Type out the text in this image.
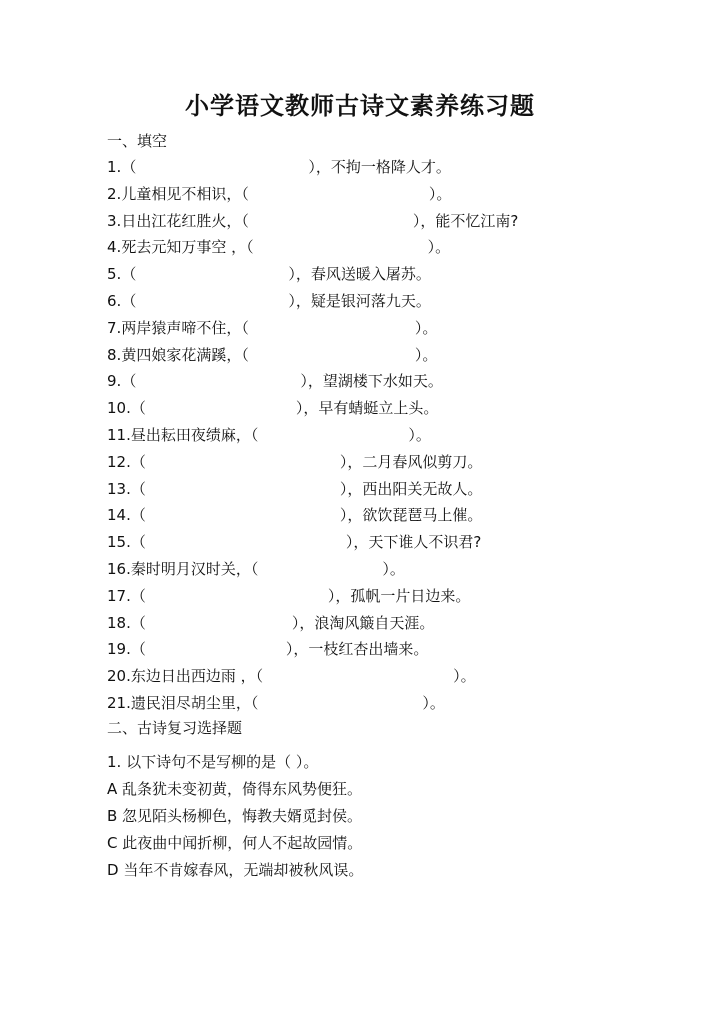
小学语文教师古诗文素养练习题
一、填空
1.（	），不拘一格降人才。
2.儿童相见不相识，（	）。
3.日出江花红胜火，（	），能不忆江南?
4.死去元知万事空 ，（	）。
5.（	），春风送暖入屠苏。
6.（	），疑是银河落九天。
7.两岸猿声啼不住，（	）。
8.黄四娘家花满蹊，（	）。
9.（	），望湖楼下水如天。
10.（	），早有蜻蜓立上头。
11.昼出耘田夜绩麻，（	）。
12.（	），二月春风似剪刀。
13.（	），西出阳关无故人。
14.（	），欲饮琵琶马上催。
15.（	），天下谁人不识君?
16.秦时明月汉时关，（	）。
17.（	），孤帆一片日边来。
18.（	），浪淘风簸自天涯。
19.（	），一枝红杏出墙来。
20.东边日出西边雨 ，（	）。
21.遗民泪尽胡尘里，（	）。
二、古诗复习选择题
1. 以下诗句不是写柳的是（ ）。
A 乱条犹未变初黄，倚得东风势便狂。
B 忽见陌头杨柳色，悔教夫婿觅封侯。
C 此夜曲中闻折柳，何人不起故园情。
D 当年不肯嫁春风，无端却被秋风误。
